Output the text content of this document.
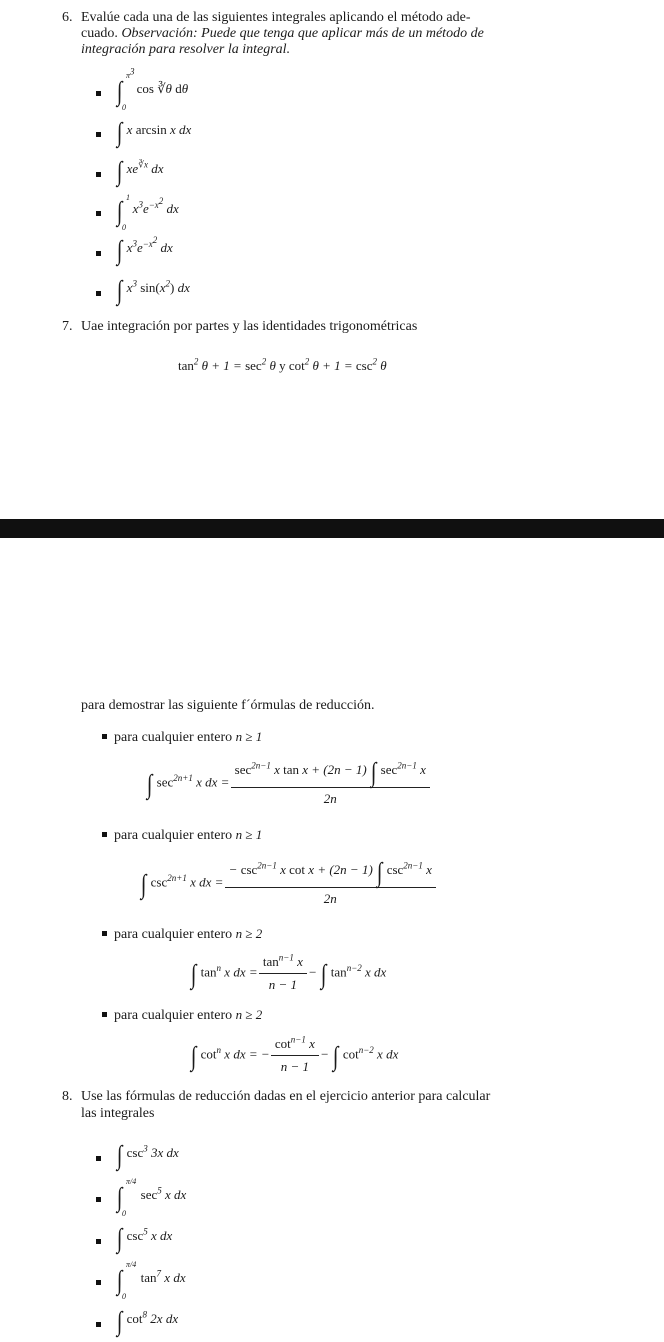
6. Evalúe cada una de las siguientes integrales aplicando el método ade-
cuado. Observación: Puede que tenga que aplicar más de un método de
integración para resolver la integral.
∫
$\pi^3$
0
cos ∛θ dθ
∫ x arcsin x dx
∫ $xe^{∛x}$ dx
∫ 1
0
$x^3e^{-x^2}$ dx
∫ $x^3e^{-x^2}$ dx
∫ $x^3$ $\sin(x^2)$ dx
7. Uae integración por partes y las identidades trigonométricas
$\tan^2 \theta + 1 = \sec^2 \theta$ y $\cot^2 \theta + 1 = \csc^2 \theta$
para demostrar las siguiente f´órmulas de reducción.
para cualquier entero n ≥ 1
∫ $\sec^{2n+1} x$ dx = $\frac{\sec^{2n-1} x \tan x + (2n - 1) \int \sec^{2n-1} x}{2n}$
para cualquier entero n ≥ 1
∫ $\csc^{2n+1} x$ dx = $\frac{- \csc^{2n-1} x \cot x + (2n - 1) \int \csc^{2n-1} x}{2n}$
para cualquier entero n ≥ 2
∫ $\tan^n x$ dx = $\frac{\tan^{n-1} x}{n - 1}$ − ∫ $\tan^{n-2} x$ dx
para cualquier entero n ≥ 2
∫ $\cot^n x$ dx = − $\frac{\cot^{n-1} x}{n - 1}$ − ∫ $\cot^{n-2} x$ dx
8. Use las fórmulas de reducción dadas en el ejercicio anterior para calcular
las integrales
∫ $\csc^3 3x$ dx
∫
π/4
0
$\sec^5 x$ dx
∫ $\csc^5 x$ dx
∫
π/4
0
$\tan^7 x$ dx
∫ $\cot^8 2x$ dx
